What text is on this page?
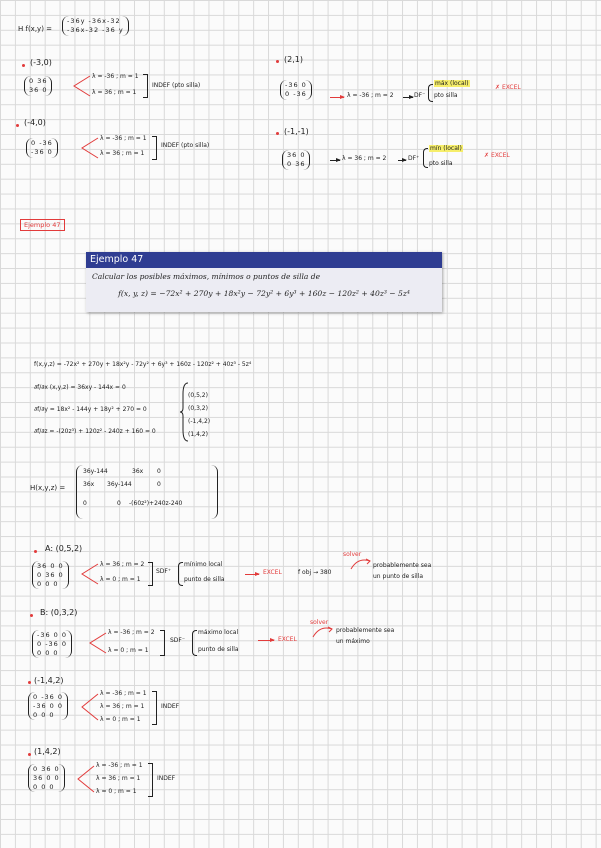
H f(x,y) =
-36y -36x-32
-36x-32 -36 y
(-3,0)
0 36
36 0
λ = -36 ; m = 1
λ = 36 ; m = 1
INDEF (pto silla)
(2,1)
-36 0
0 -36	λ = -36 ; m = 2	DF⁻
máx (local)
pto silla
✗ EXCEL
(-4,0)
0 -36
-36 0
λ = -36 ; m = 1
λ = 36 ; m = 1
INDEF (pto silla)
(-1,-1)
36 0
0 36
λ = 36 ; m = 2	DF⁺
mín (local)
pto silla
✗ EXCEL
Ejemplo 47
Ejemplo 47
Calcular los posibles máximos, mínimos o puntos de silla de
f(x, y, z) = −72x² + 270y + 18x²y − 72y² + 6y³ + 160z − 120z² + 40z³ − 5z⁴
f(x,y,z) = -72x² + 270y + 18x²y - 72y² + 6y³ + 160z - 120z² + 40z³ - 5z⁴
∂f/∂x (x,y,z) = 36xy - 144x = 0
∂f/∂y = 18x² - 144y + 18y² + 270 = 0
∂f/∂z = -(20z³) + 120z² - 240z + 160 = 0
(0,5,2)
(0,3,2)
(-1,4,2)
(1,4,2)
H(x,y,z) =
36y-144	36x 0
36x 36y-144	0
0	0 -(60z²)+240z-240
A: (0,5,2)
36 0 0
0 36 0
0 0 0
λ = 36 ; m = 2
λ = 0 ; m = 1
SDF⁺
mínimo local
punto de silla
EXCEL	f obj → 380
solver
probablemente sea
un punto de silla
B: (0,3,2)
-36 0 0
0 -36 0
0 0 0
λ = -36 ; m = 2
λ = 0 ; m = 1
SDF⁻
máximo local
punto de silla
EXCEL
solver
probablemente sea
un máximo
(-1,4,2)
0 -36 0
-36 0 0
0 0 0
λ = -36 ; m = 1
λ = 36 ; m = 1
λ = 0 ; m = 1
INDEF
(1,4,2)
0 36 0
36 0 0
0 0 0
λ = -36 ; m = 1
λ = 36 ; m = 1
λ = 0 ; m = 1
INDEF
